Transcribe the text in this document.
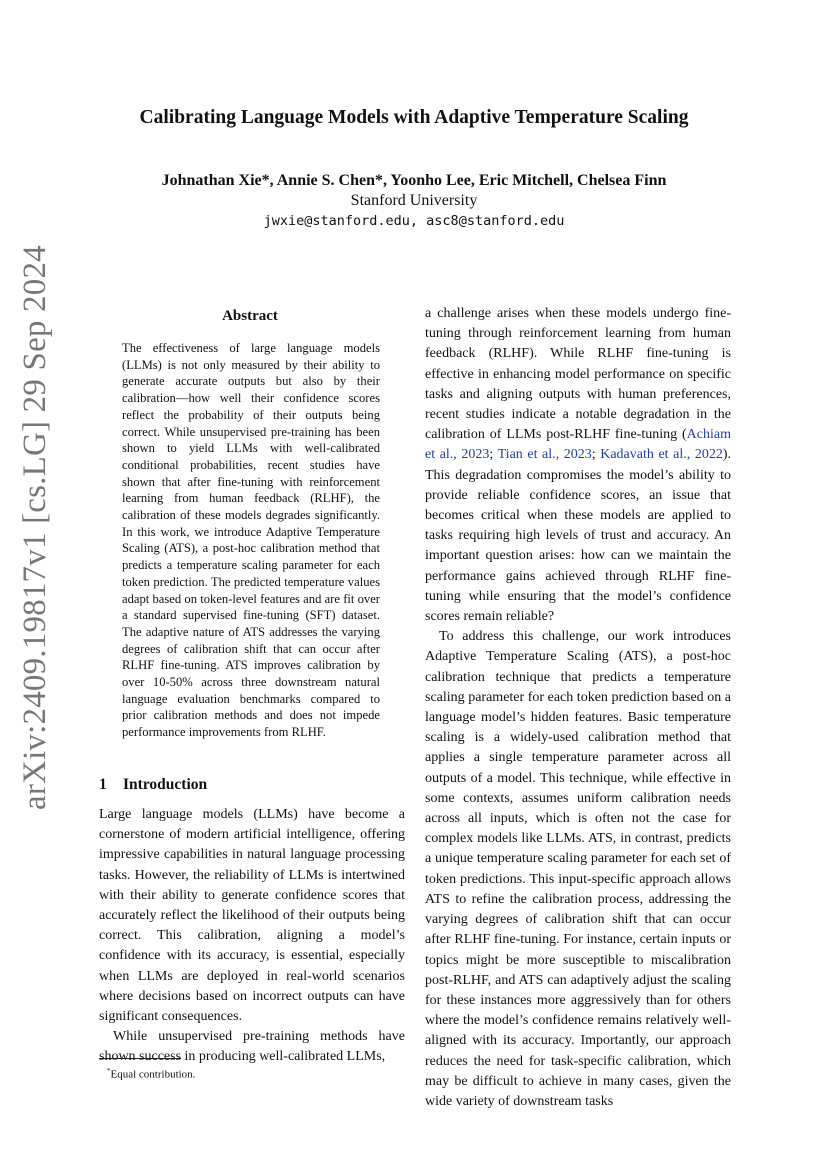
arXiv:2409.19817v1 [cs.LG] 29 Sep 2024
Calibrating Language Models with Adaptive Temperature Scaling
Johnathan Xie*, Annie S. Chen*, Yoonho Lee, Eric Mitchell, Chelsea Finn
Stanford University
jwxie@stanford.edu, asc8@stanford.edu
Abstract
The effectiveness of large language models (LLMs) is not only measured by their ability to generate accurate outputs but also by their calibration—how well their confidence scores reflect the probability of their outputs being correct. While unsupervised pre-training has been shown to yield LLMs with well-calibrated conditional probabilities, recent studies have shown that after fine-tuning with reinforcement learning from human feedback (RLHF), the calibration of these models degrades significantly. In this work, we introduce Adaptive Temperature Scaling (ATS), a post-hoc calibration method that predicts a temperature scaling parameter for each token prediction. The predicted temperature values adapt based on token-level features and are fit over a standard supervised fine-tuning (SFT) dataset. The adaptive nature of ATS addresses the varying degrees of calibration shift that can occur after RLHF fine-tuning. ATS improves calibration by over 10-50% across three downstream natural language evaluation benchmarks compared to prior calibration methods and does not impede performance improvements from RLHF.
1 Introduction

Large language models (LLMs) have become a cornerstone of modern artificial intelligence, offering impressive capabilities in natural language processing tasks. However, the reliability of LLMs is intertwined with their ability to generate confidence scores that accurately reflect the likelihood of their outputs being correct. This calibration, aligning a model’s confidence with its accuracy, is essential, especially when LLMs are deployed in real-world scenarios where decisions based on incorrect outputs can have significant consequences.

While unsupervised pre-training methods have shown success in producing well-calibrated LLMs,

a challenge arises when these models undergo fine-tuning through reinforcement learning from human feedback (RLHF). While RLHF fine-tuning is effective in enhancing model performance on specific tasks and aligning outputs with human preferences, recent studies indicate a notable degradation in the calibration of LLMs post-RLHF fine-tuning (Achiam et al., 2023; Tian et al., 2023; Kadavath et al., 2022). This degradation compromises the model’s ability to provide reliable confidence scores, an issue that becomes critical when these models are applied to tasks requiring high levels of trust and accuracy. An important question arises: how can we maintain the performance gains achieved through RLHF fine-tuning while ensuring that the model’s confidence scores remain reliable?

To address this challenge, our work introduces Adaptive Temperature Scaling (ATS), a post-hoc calibration technique that predicts a temperature scaling parameter for each token prediction based on a language model’s hidden features. Basic temperature scaling is a widely-used calibration method that applies a single temperature parameter across all outputs of a model. This technique, while effective in some contexts, assumes uniform calibration needs across all inputs, which is often not the case for complex models like LLMs. ATS, in contrast, predicts a unique temperature scaling parameter for each set of token predictions. This input-specific approach allows ATS to refine the calibration process, addressing the varying degrees of calibration shift that can occur after RLHF fine-tuning. For instance, certain inputs or topics might be more susceptible to miscalibration post-RLHF, and ATS can adaptively adjust the scaling for these instances more aggressively than for others where the model’s confidence remains relatively well-aligned with its accuracy. Importantly, our approach reduces the need for task-specific calibration, which may be difficult to achieve in many cases, given the wide variety of downstream tasks

*Equal contribution.
